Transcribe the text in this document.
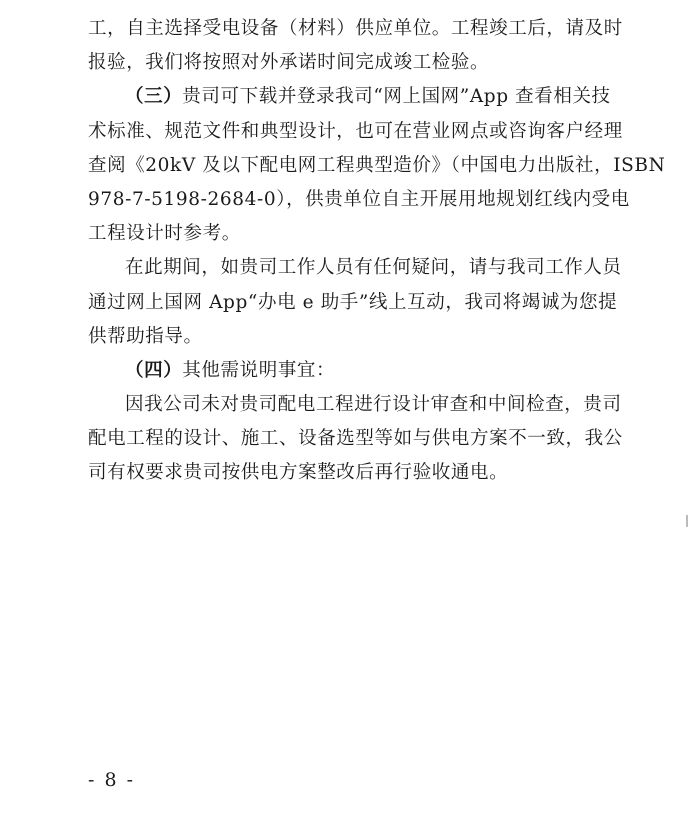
工，自主选择受电设备（材料）供应单位。工程竣工后，请及时
报验，我们将按照对外承诺时间完成竣工检验。
（三）贵司可下载并登录我司“网上国网”App 查看相关技
术标准、规范文件和典型设计，也可在营业网点或咨询客户经理
查阅《20kV 及以下配电网工程典型造价》（中国电力出版社，ISBN
978-7-5198-2684-0），供贵单位自主开展用地规划红线内受电
工程设计时参考。
在此期间，如贵司工作人员有任何疑问，请与我司工作人员
通过网上国网 App“办电 e 助手”线上互动，我司将竭诚为您提
供帮助指导。
（四）其他需说明事宜：
因我公司未对贵司配电工程进行设计审查和中间检查，贵司
配电工程的设计、施工、设备选型等如与供电方案不一致，我公
司有权要求贵司按供电方案整改后再行验收通电。
- 8 -
